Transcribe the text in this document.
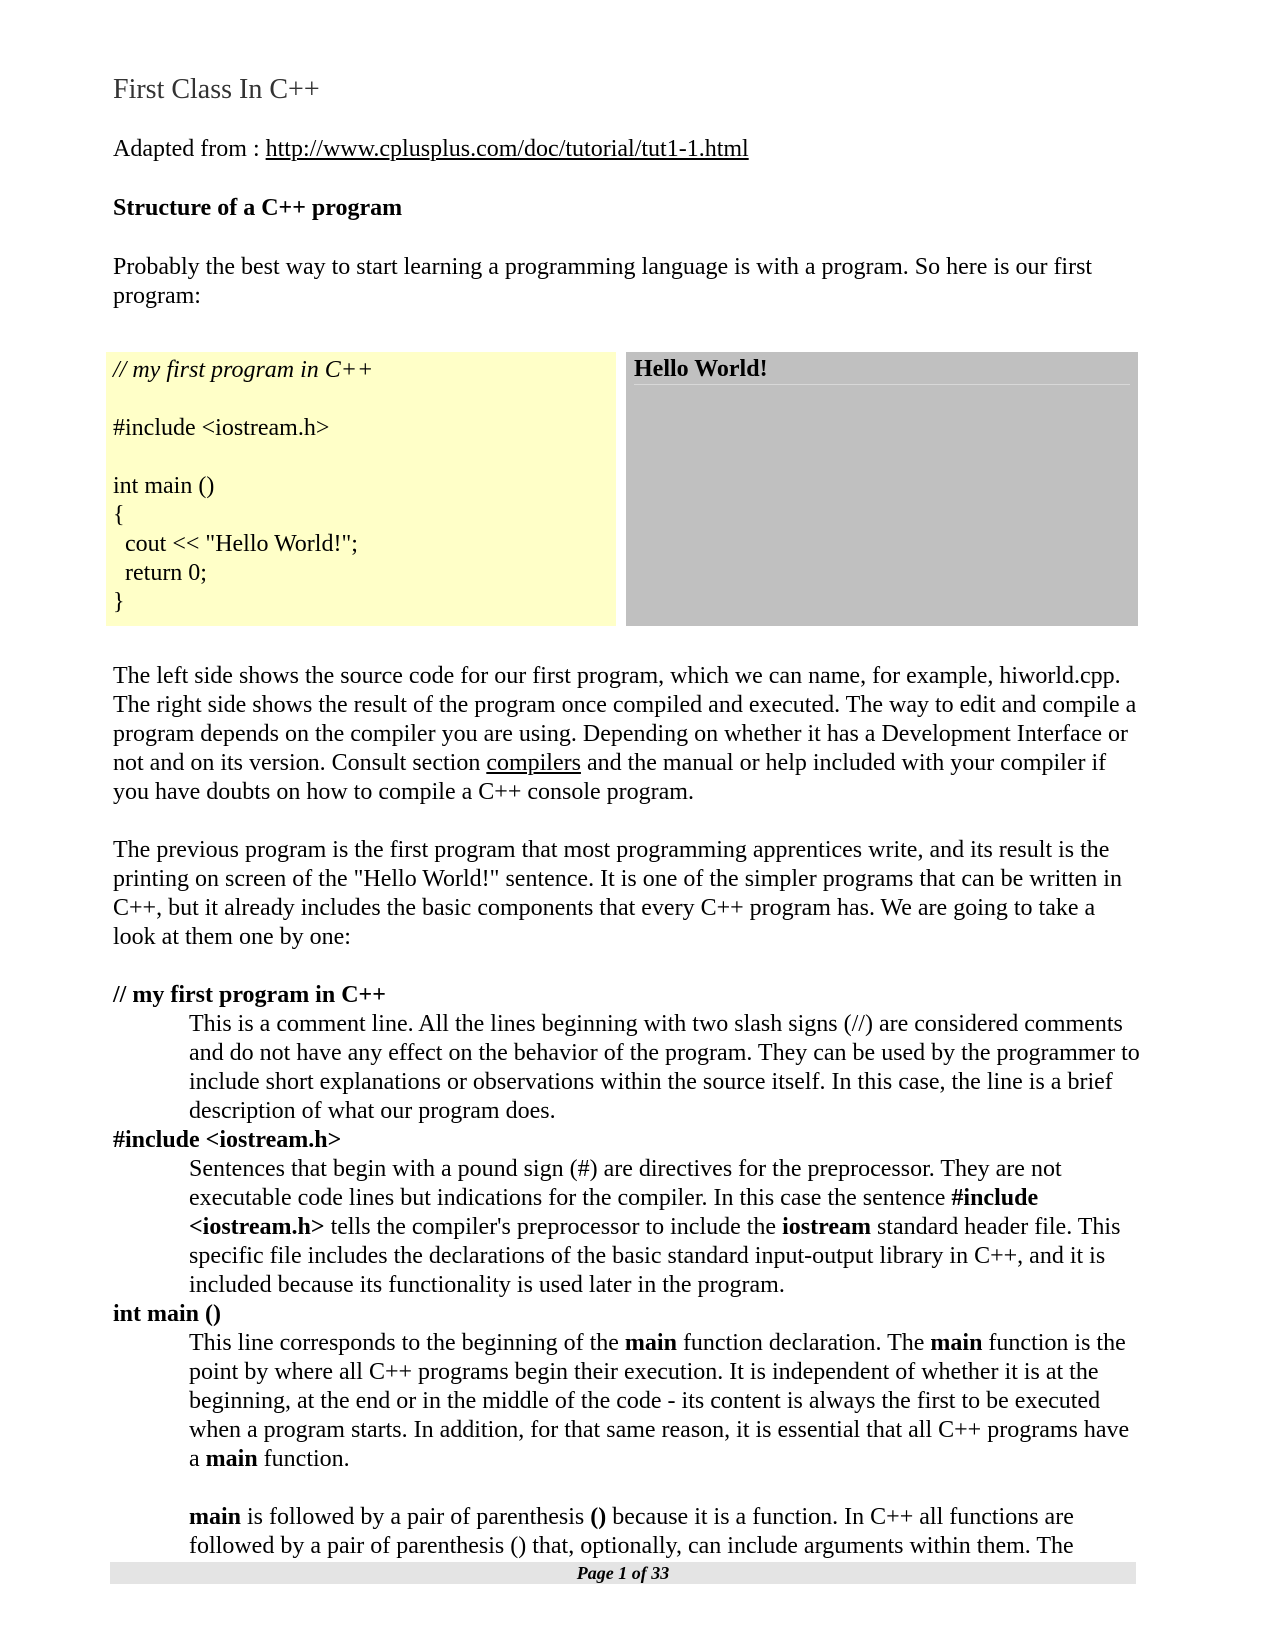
First Class In C++
Adapted from : http://www.cplusplus.com/doc/tutorial/tut1-1.html
Structure of a C++ program

Probably the best way to start learning a programming language is with a program. So here is our first program:

// my first program in C++
#include <iostream.h>
int main ()
{
cout << "Hello World!";
return 0;
}
Hello World!

The left side shows the source code for our first program, which we can name, for example, hiworld.cpp. The right side shows the result of the program once compiled and executed. The way to edit and compile a program depends on the compiler you are using. Depending on whether it has a Development Interface or not and on its version. Consult section compilers and the manual or help included with your compiler if you have doubts on how to compile a C++ console program.

The previous program is the first program that most programming apprentices write, and its result is the printing on screen of the "Hello World!" sentence. It is one of the simpler programs that can be written in C++, but it already includes the basic components that every C++ program has. We are going to take a look at them one by one:

// my first program in C++
This is a comment line. All the lines beginning with two slash signs (//) are considered comments and do not have any effect on the behavior of the program. They can be used by the programmer to include short explanations or observations within the source itself. In this case, the line is a brief description of what our program does.
#include <iostream.h>
Sentences that begin with a pound sign (#) are directives for the preprocessor. They are not executable code lines but indications for the compiler. In this case the sentence #include <iostream.h> tells the compiler's preprocessor to include the iostream standard header file. This specific file includes the declarations of the basic standard input-output library in C++, and it is included because its functionality is used later in the program.
int main ()
This line corresponds to the beginning of the main function declaration. The main function is the point by where all C++ programs begin their execution. It is independent of whether it is at the beginning, at the end or in the middle of the code - its content is always the first to be executed when a program starts. In addition, for that same reason, it is essential that all C++ programs have a main function.
main is followed by a pair of parenthesis () because it is a function. In C++ all functions are followed by a pair of parenthesis () that, optionally, can include arguments within them. The
Page 1 of 33
